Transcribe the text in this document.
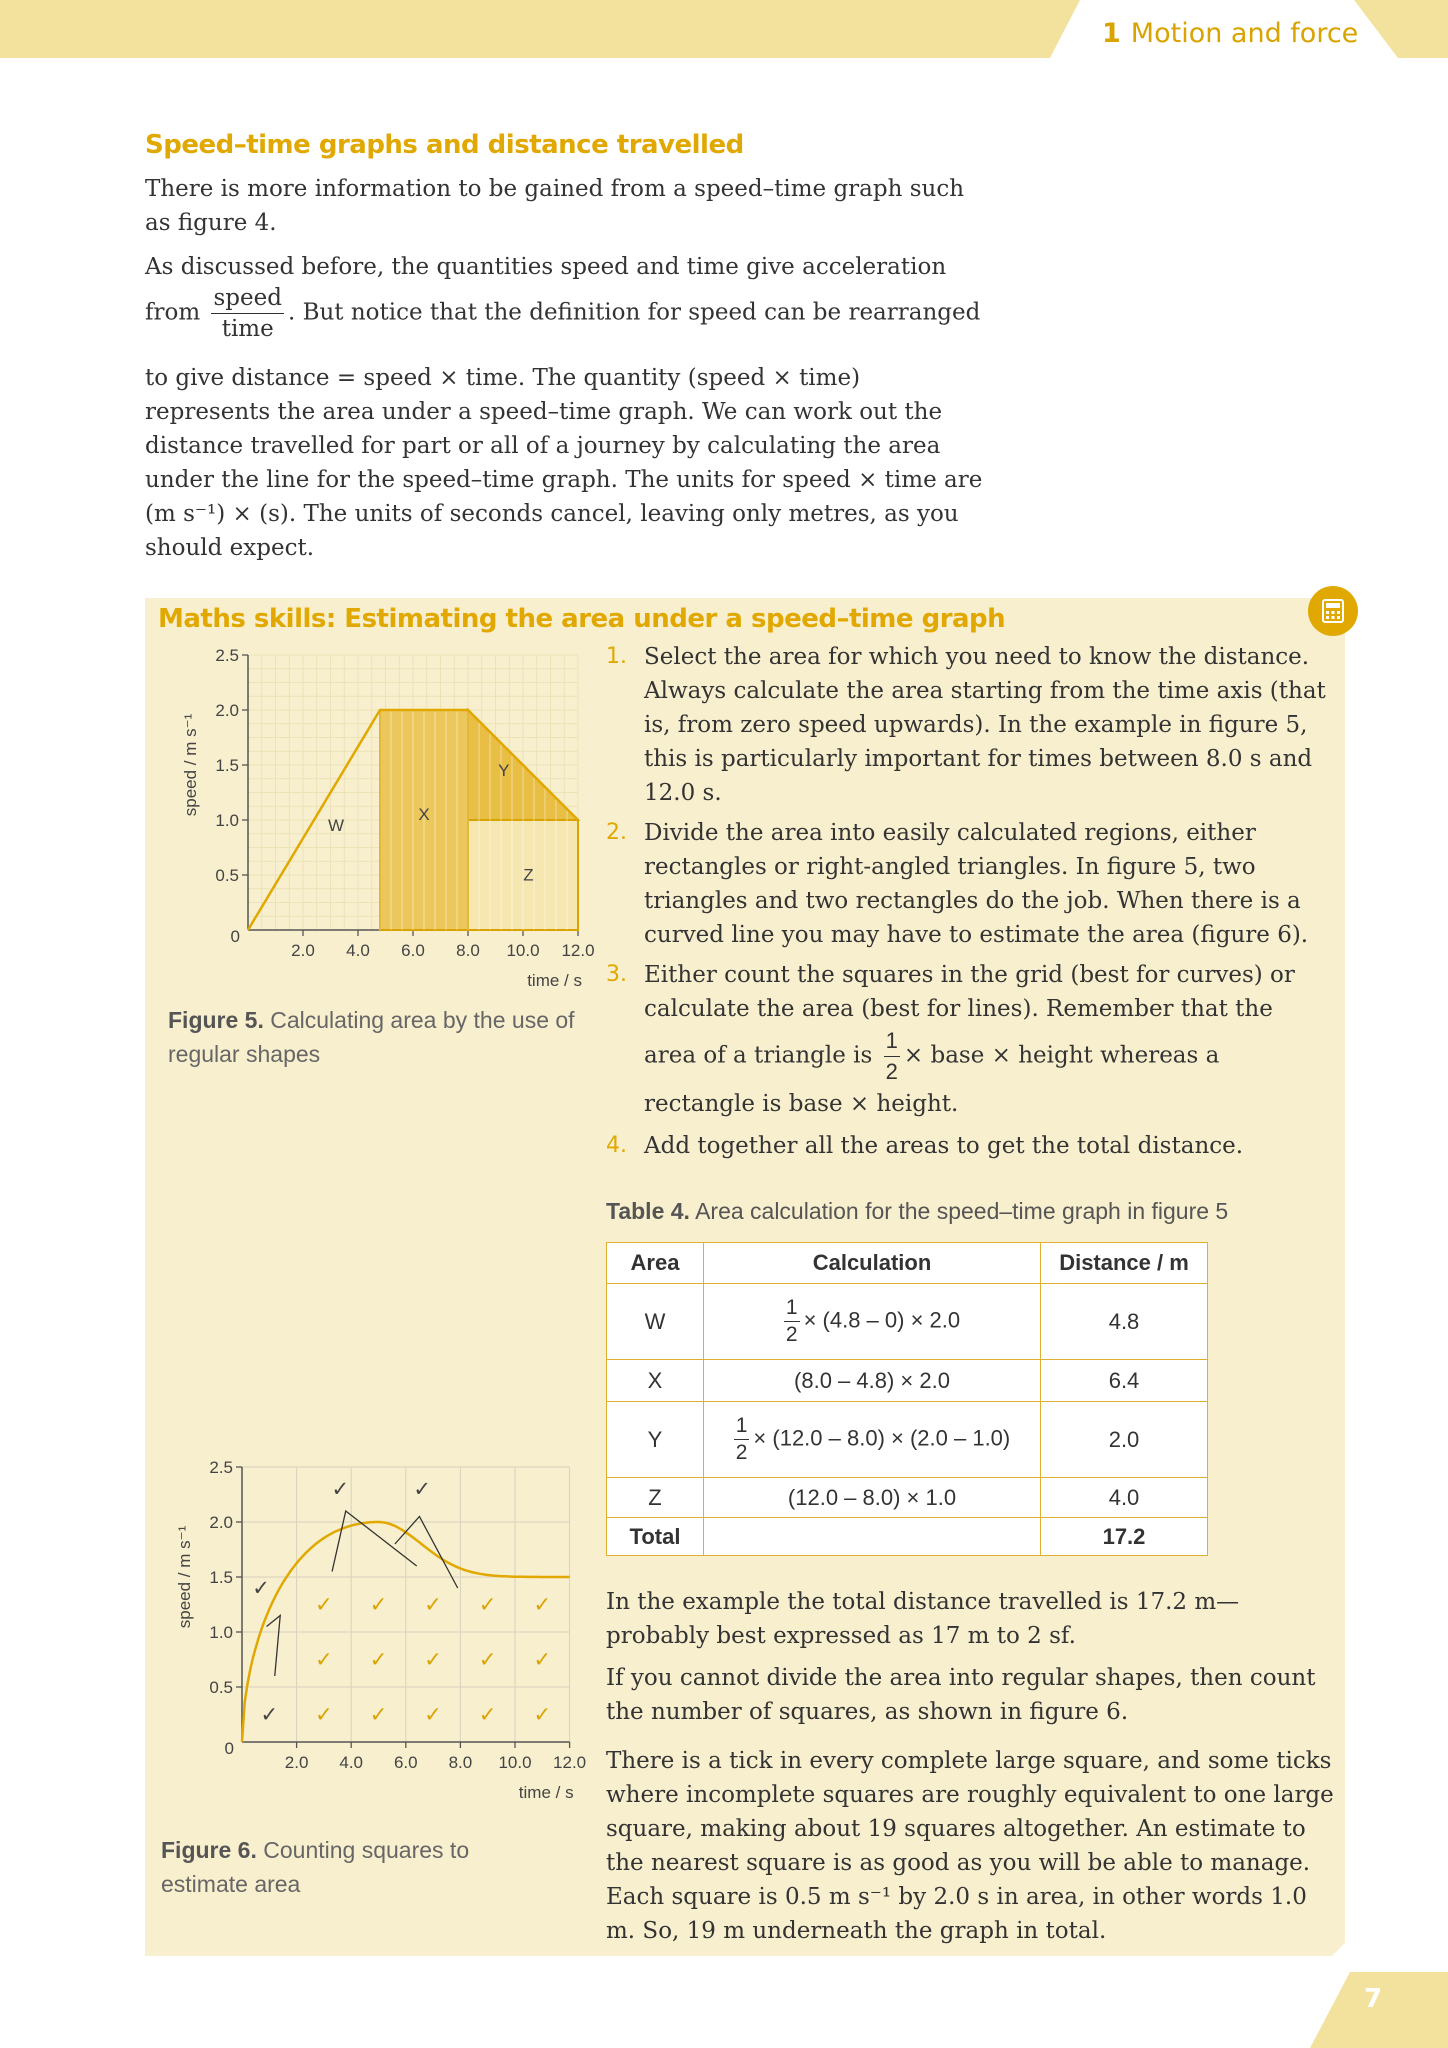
1 Motion and force
Speed–time graphs and distance travelled
There is more information to be gained from a speed–time graph such as figure 4.
As discussed before, the quantities speed and time give acceleration
from $\frac{\text{speed}}{\text{time}}$ . But notice that the definition for speed can be rearranged
to give distance = speed × time. The quantity (speed × time) represents the area under a speed–time graph. We can work out the distance travelled for part or all of a journey by calculating the area under the line for the speed–time graph. The units for speed × time are (m s⁻¹) × (s). The units of seconds cancel, leaving only metres, as you should expect.
Maths skills: Estimating the area under a speed–time graph
2.0 4.0 6.0 8.0 10.0 12.0
0.5
1.0
1.5
2.0
2.5
0
time / s
speed / m s⁻¹
W
X
Y
Z
Figure 5. Calculating area by the use of regular shapes
2.0 4.0 6.0 8.0 10.0 12.0
0.5
1.0
1.5
2.0
2.5
0
time / s
speed / m s⁻¹
✓
✓
✓
✓
✓
✓
✓
✓
✓
✓
✓
✓
✓
✓
✓
✓
✓
✓	✓
Figure 6. Counting squares to estimate area
1. Select the area for which you need to know the distance. Always calculate the area starting from the time axis (that is, from zero speed upwards). In the example in figure 5, this is particularly important for times between 8.0 s and 12.0 s.
2. Divide the area into easily calculated regions, either rectangles or right-angled triangles. In figure 5, two triangles and two rectangles do the job. When there is a curved line you may have to estimate the area (figure 6).
3. Either count the squares in the grid (best for curves) or calculate the area (best for lines). Remember that the area of a triangle is $\frac{1}{2}$ × base × height whereas a rectangle is base × height.
4. Add together all the areas to get the total distance.
Table 4. Area calculation for the speed–time graph in figure 5
Area	Calculation	Distance / m
W	$\frac{1}{2} \times (4.8 - 0) \times 2.0$	4.8
X	(8.0 – 4.8) × 2.0	6.4
Y	$\frac{1}{2} \times (12.0 - 8.0) \times (2.0 - 1.0)$	2.0
Z	(12.0 – 8.0) × 1.0	4.0
Total		17.2
In the example the total distance travelled is 17.2 m—probably best expressed as 17 m to 2 sf.
If you cannot divide the area into regular shapes, then count the number of squares, as shown in figure 6.
There is a tick in every complete large square, and some ticks where incomplete squares are roughly equivalent to one large square, making about 19 squares altogether. An estimate to the nearest square is as good as you will be able to manage. Each square is 0.5 m s⁻¹ by 2.0 s in area, in other words 1.0 m. So, 19 m underneath the graph in total.
7
